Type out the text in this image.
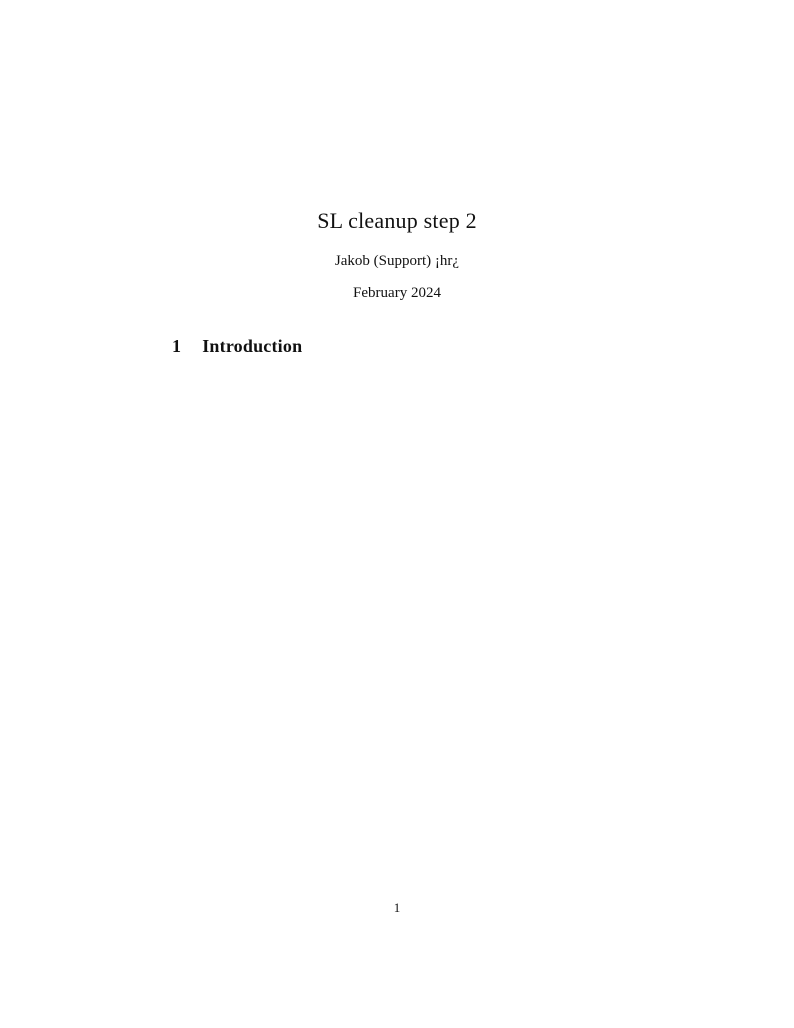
SL cleanup step 2
Jakob (Support) ¡hr¿
February 2024
1 Introduction
1
